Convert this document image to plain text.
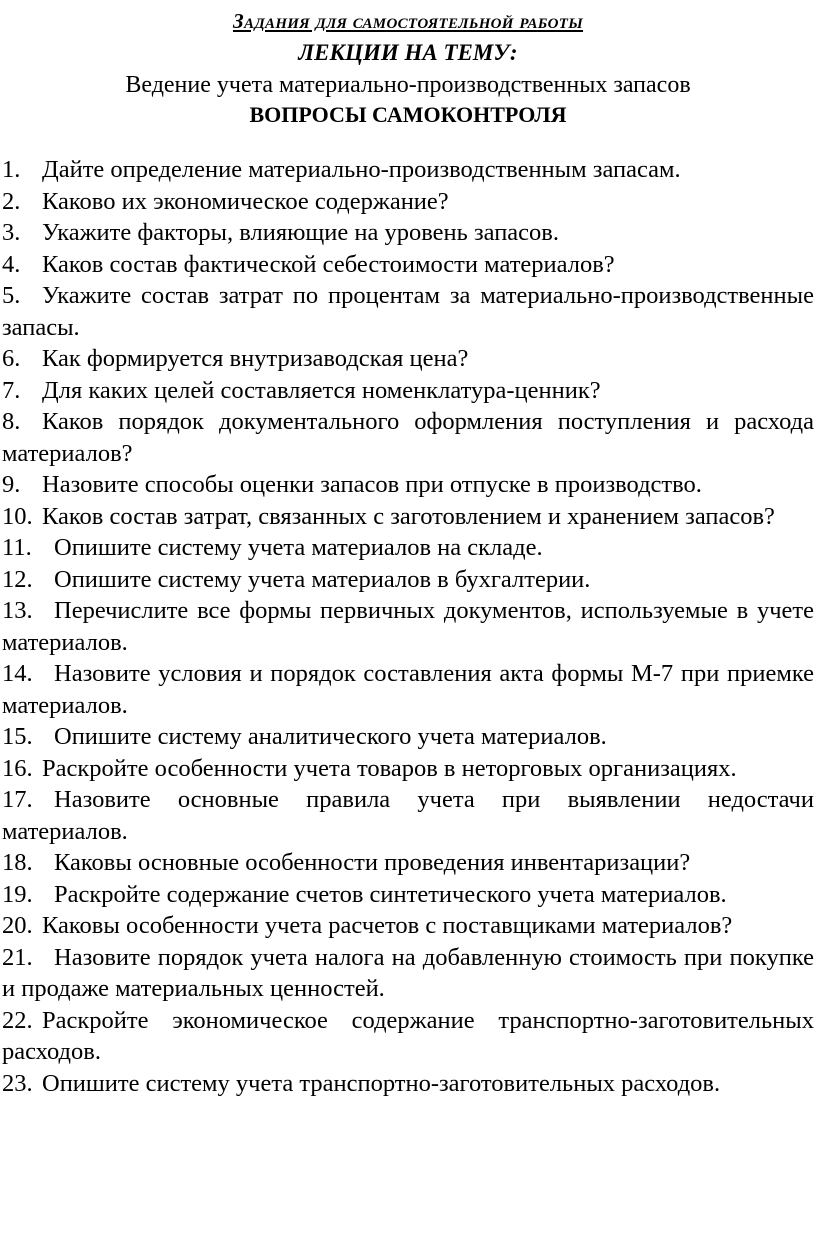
Задания для самостоятельной работы
ЛЕКЦИИ НА ТЕМУ:
Ведение учета материально-производственных запасов
ВОПРОСЫ САМОКОНТРОЛЯ

1. Дайте определение материально-производственным запасам.

2. Каково их экономическое содержание?

3. Укажите факторы, влияющие на уровень запасов.

4. Каков состав фактической себестоимости материалов?

5. Укажите состав затрат по процентам за материально-производственные запасы.

6. Как формируется внутризаводская цена?

7. Для каких целей составляется номенклатура-ценник?

8. Каков порядок документального оформления поступления и расхода материалов?

9. Назовите способы оценки запасов при отпуске в производство.

10. Каков состав затрат, связанных с заготовлением и хранением запасов?

11. Опишите систему учета материалов на складе.

12. Опишите систему учета материалов в бухгалтерии.

13. Перечислите все формы первичных документов, используемые в учете материалов.

14. Назовите условия и порядок составления акта формы М-7 при приемке материалов.

15. Опишите систему аналитического учета материалов.

16. Раскройте особенности учета товаров в неторговых организациях.

17. Назовите основные правила учета при выявлении недостачи материалов.

18. Каковы основные особенности проведения инвентаризации?

19. Раскройте содержание счетов синтетического учета материалов.

20. Каковы особенности учета расчетов с поставщиками материалов?

21. Назовите порядок учета налога на добавленную стоимость при покупке и продаже материальных ценностей.

22. Раскройте экономическое содержание транспортно-заготовительных расходов.

23. Опишите систему учета транспортно-заготовительных расходов.
